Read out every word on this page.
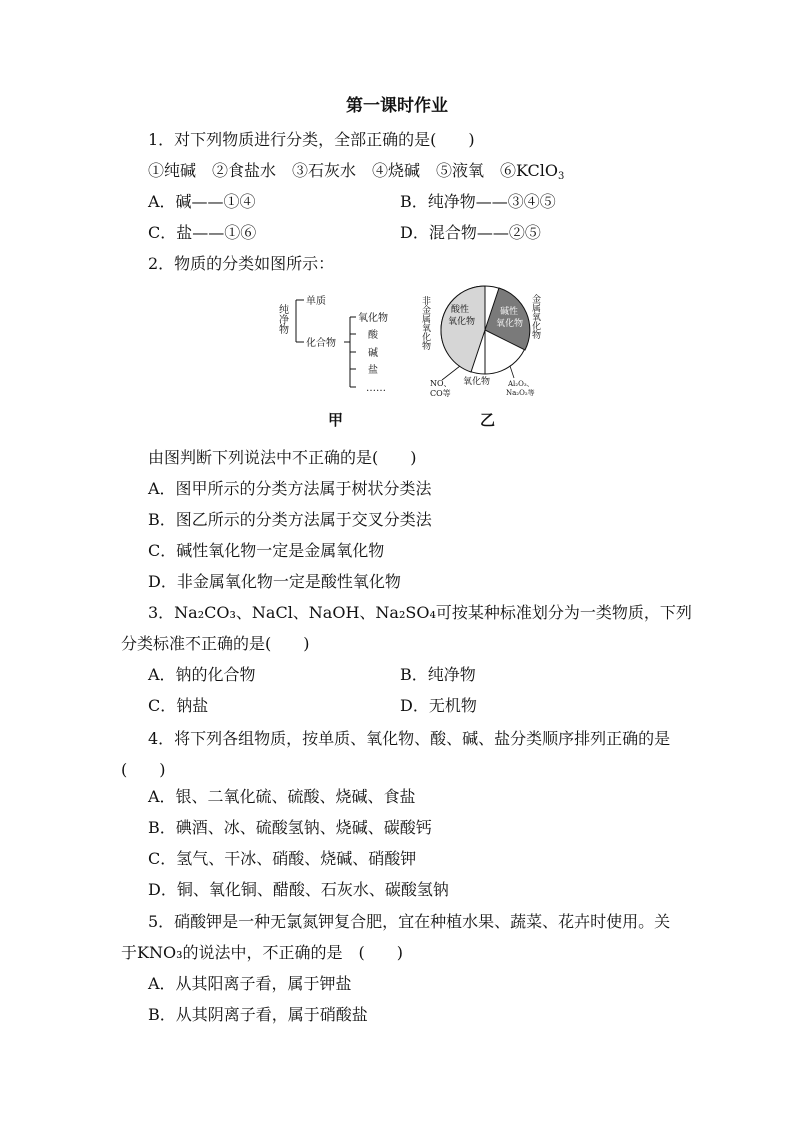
第一课时作业
1．对下列物质进行分类，全部正确的是(　　)
①纯碱　②食盐水　③石灰水　④烧碱　⑤液氧　⑥KClO$_3$
A．碱——①④	B．纯净物——③④⑤
C．盐——①⑥	D．混合物——②⑤
2．物质的分类如图所示：
纯净物
单质
化合物
氧化物
酸
碱
盐
……
酸性氧化物
碱性氧化物
非金属氧化物	金属氧化物
氧化物
NO、 CO等
Al₂O₃、 Na₂O₂等
甲	乙
由图判断下列说法中不正确的是(　　)
A．图甲所示的分类方法属于树状分类法
B．图乙所示的分类方法属于交叉分类法
C．碱性氧化物一定是金属氧化物
D．非金属氧化物一定是酸性氧化物
3．Na₂CO₃、NaCl、NaOH、Na₂SO₄可按某种标准划分为一类物质，下列
分类标准不正确的是(　　)
A．钠的化合物	B．纯净物
C．钠盐	D．无机物
4．将下列各组物质，按单质、氧化物、酸、碱、盐分类顺序排列正确的是
(　　)
A．银、二氧化硫、硫酸、烧碱、食盐
B．碘酒、冰、硫酸氢钠、烧碱、碳酸钙
C．氢气、干冰、硝酸、烧碱、硝酸钾
D．铜、氧化铜、醋酸、石灰水、碳酸氢钠
5．硝酸钾是一种无氯氮钾复合肥，宜在种植水果、蔬菜、花卉时使用。关
于KNO₃的说法中，不正确的是　(　　)
A．从其阳离子看，属于钾盐
B．从其阴离子看，属于硝酸盐
